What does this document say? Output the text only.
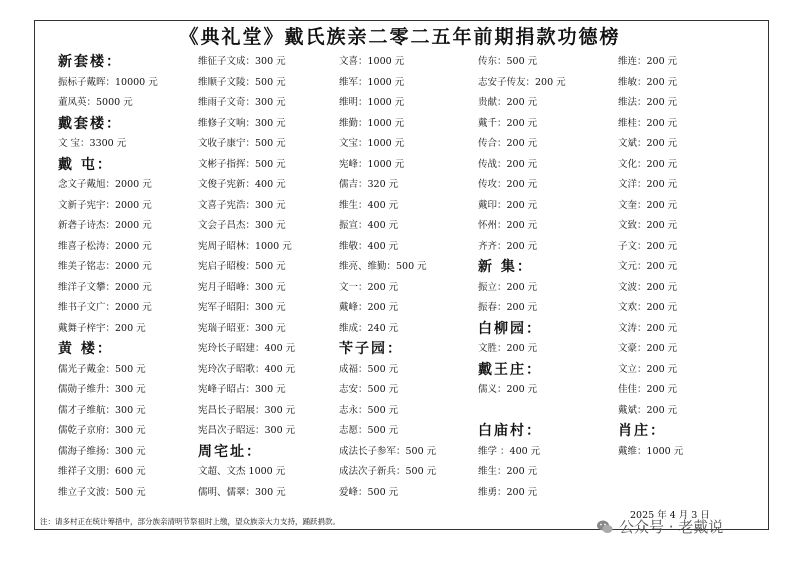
《典礼堂》戴氏族亲二零二五年前期捐款功德榜
新套楼：
振标子戴晖：10000 元
董凤英：5000 元
戴套楼：
文 宝：3300 元
戴 屯：
念文子戴旭：2000 元
文新子宪宇：2000 元
新砻子诗杰：2000 元
维喜子松涛：2000 元
维美子铭志：2000 元
维洋子文攀：2000 元
维书子文广：2000 元
戴舞子梓宇：200 元
黄 楼：
儒光子戴金：500 元
儒勋子维升：300 元
儒才子维航：300 元
儒乾子京府：300 元
儒海子维扬：300 元
维祥子文朋：600 元
维立子文波：500 元
维征子文成：300 元
维顺子文陵：500 元
维雨子文奇：300 元
维修子文响：300 元
文收子康宁：500 元
文彬子指挥：500 元
文俊子宪新：400 元
文喜子宪浩：300 元
文会子昌杰：300 元
宪周子昭林：1000 元
宪启子昭梭：500 元
宪月子昭峰：300 元
宪军子昭阳：300 元
宪瑞子昭亚：300 元
宪玲长子昭建：400 元
宪玲次子昭歌：400 元
宪峰子昭占：300 元
宪昌长子昭展：300 元
宪昌次子昭远：300 元
周宅址：
文超、文杰 1000 元
儒明、儒翠：300 元
文喜：1000 元
维军：1000 元
维明：1000 元
维勤：1000 元
文宝：1000 元
宪峰：1000 元
儒吉：320 元
维生：400 元
振宣：400 元
维敬：400 元
维亮、维勤：500 元
文一：200 元
戴峰：200 元
维成：240 元
苄子园：
成福：500 元
志安：500 元
志永：500 元
志愿：500 元
成法长子参军：500 元
成法次子新兵：500 元
爱峰：500 元
传东：500 元
志安子传友：200 元
贵献：200 元
戴千：200 元
传合：200 元
传战：200 元
传攻：200 元
戴印：200 元
怀州：200 元
齐齐：200 元
新 集：
振立：200 元
振春：200 元
白柳园：
文胜：200 元
戴王庄：
儒义：200 元
白庙村：
维学 ：400 元
维生：200 元
维勇：200 元
维连：200 元
维敏：200 元
维法：200 元
维桂：200 元
文斌：200 元
文化：200 元
文洋：200 元
文奎：200 元
文致：200 元
子文：200 元
文元：200 元
文波：200 元
文欢：200 元
文涛：200 元
文豪：200 元
文立：200 元
佳佳：200 元
戴斌：200 元
肖庄：
戴维：1000 元
2025 年 4 月 3 日
注：请多村正在统计筹措中，部分族亲清明节祭祖时上缴，望众族亲大力支持，踊跃捐款。	公众号 · 老戴说
